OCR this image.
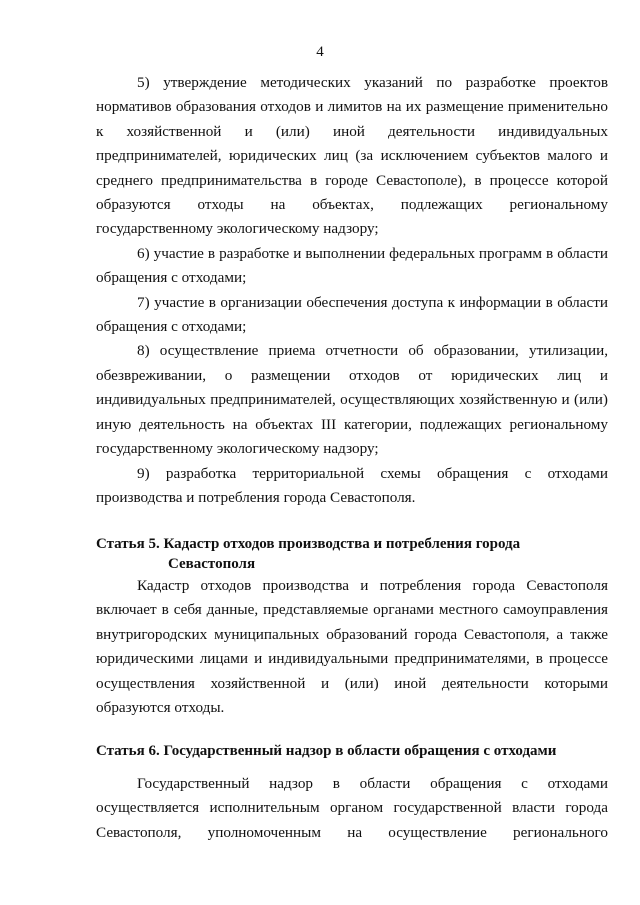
4

5) утверждение методических указаний по разработке проектов нормативов образования отходов и лимитов на их размещение применительно к хозяйственной и (или) иной деятельности индивидуальных предпринимателей, юридических лиц (за исключением субъектов малого и среднего предпринимательства в городе Севастополе), в процессе которой образуются отходы на объектах, подлежащих региональному государственному экологическому надзору;

6) участие в разработке и выполнении федеральных программ в области обращения с отходами;

7) участие в организации обеспечения доступа к информации в области обращения с отходами;

8) осуществление приема отчетности об образовании, утилизации, обезвреживании, о размещении отходов от юридических лиц и индивидуальных предпринимателей, осуществляющих хозяйственную и (или) иную деятельность на объектах III категории, подлежащих региональному государственному экологическому надзору;

9) разработка территориальной схемы обращения с отходами производства и потребления города Севастополя.

Статья 5. Кадастр отходов производства и потребления города
Севастополя

Кадастр отходов производства и потребления города Севастополя включает в себя данные, представляемые органами местного самоуправления внутригородских муниципальных образований города Севастополя, а также юридическими лицами и индивидуальными предпринимателями, в процессе осуществления хозяйственной и (или) иной деятельности которыми образуются отходы.

Статья 6. Государственный надзор в области обращения с отходами

Государственный надзор в области обращения с отходами осуществляется исполнительным органом государственной власти города Севастополя, уполномоченным на осуществление регионального
